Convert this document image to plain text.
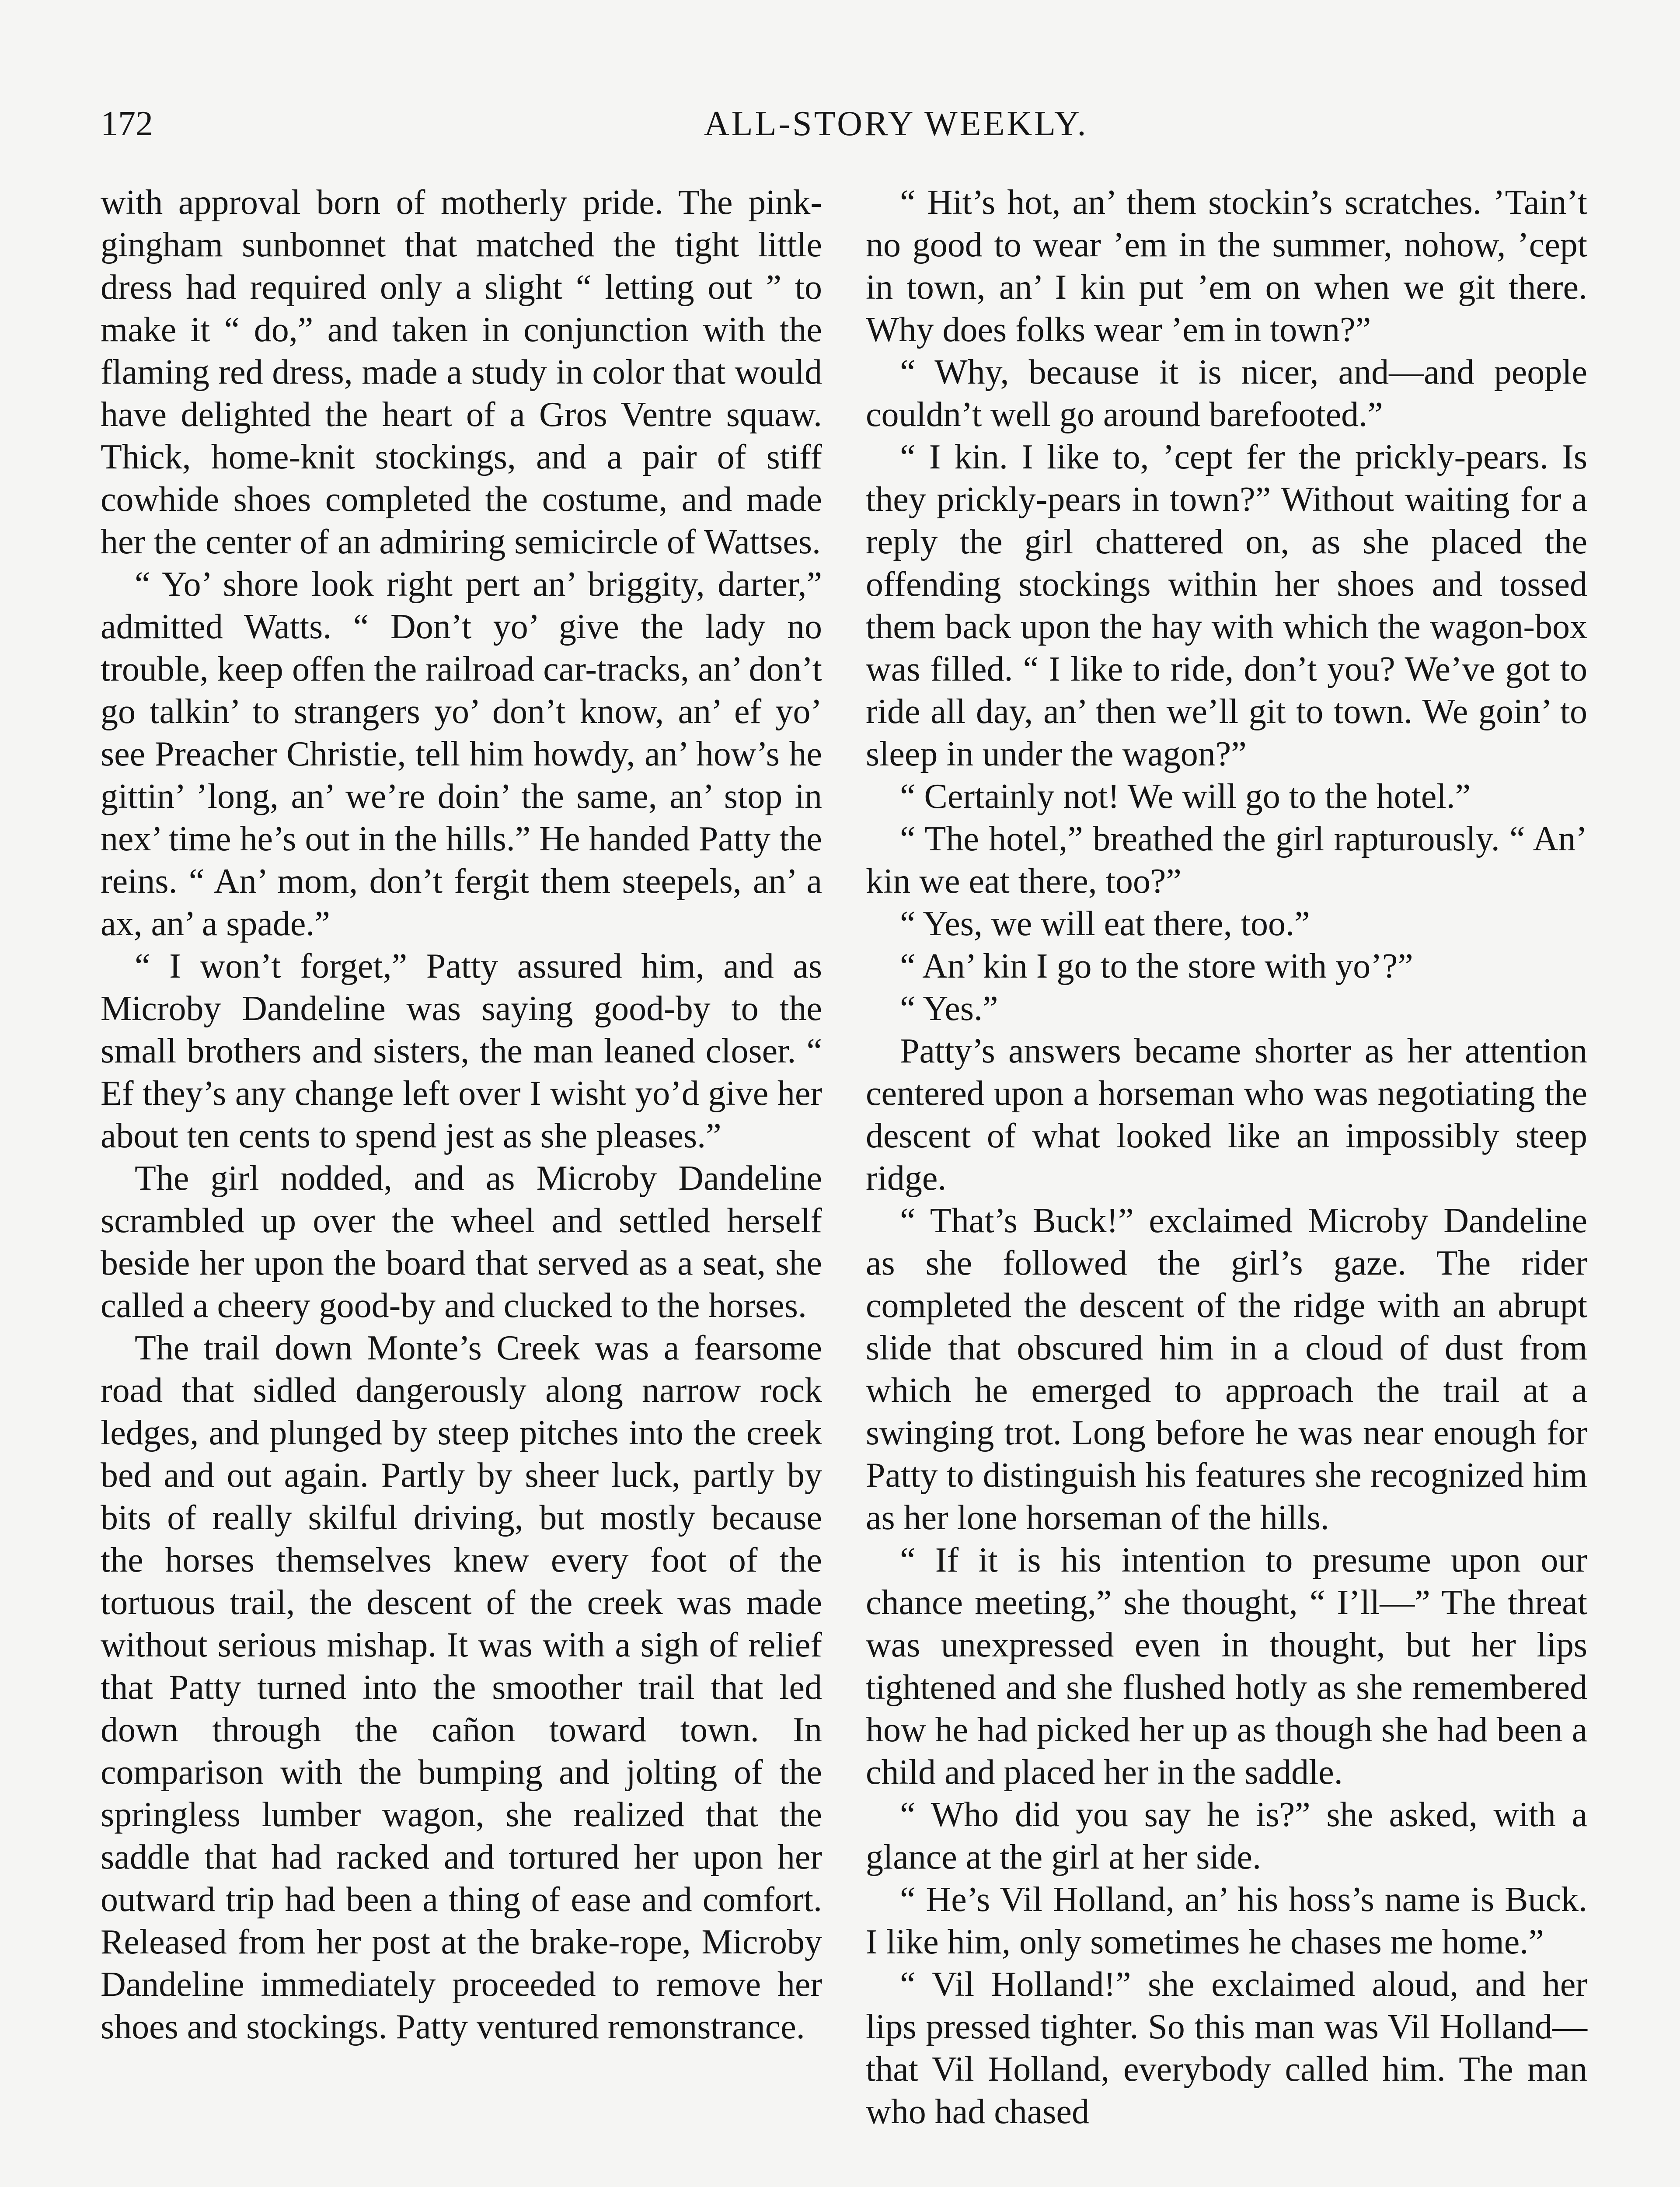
172	ALL-STORY WEEKLY.

with approval born of motherly pride. The pink-gingham sunbonnet that matched the tight little dress had required only a slight “ letting out ” to make it “ do,” and taken in conjunction with the flaming red dress, made a study in color that would have delighted the heart of a Gros Ventre squaw. Thick, home-knit stockings, and a pair of stiff cowhide shoes completed the costume, and made her the center of an admiring semicircle of Wattses.

“ Yo’ shore look right pert an’ briggity, darter,” admitted Watts. “ Don’t yo’ give the lady no trouble, keep offen the railroad car-tracks, an’ don’t go talkin’ to strangers yo’ don’t know, an’ ef yo’ see Preacher Christie, tell him howdy, an’ how’s he gittin’ ’long, an’ we’re doin’ the same, an’ stop in nex’ time he’s out in the hills.” He handed Patty the reins. “ An’ mom, don’t fergit them steepels, an’ a ax, an’ a spade.”

“ I won’t forget,” Patty assured him, and as Microby Dandeline was saying good-by to the small brothers and sisters, the man leaned closer. “ Ef they’s any change left over I wisht yo’d give her about ten cents to spend jest as she pleases.”

The girl nodded, and as Microby Dandeline scrambled up over the wheel and settled herself beside her upon the board that served as a seat, she called a cheery good-by and clucked to the horses.

The trail down Monte’s Creek was a fearsome road that sidled dangerously along narrow rock ledges, and plunged by steep pitches into the creek bed and out again. Partly by sheer luck, partly by bits of really skilful driving, but mostly because the horses themselves knew every foot of the tortuous trail, the descent of the creek was made without serious mishap. It was with a sigh of relief that Patty turned into the smoother trail that led down through the cañon toward town. In comparison with the bumping and jolting of the springless lumber wagon, she realized that the saddle that had racked and tortured her upon her outward trip had been a thing of ease and comfort. Released from her post at the brake-rope, Microby Dandeline immediately proceeded to remove her shoes and stockings. Patty ventured remonstrance.

“ Hit’s hot, an’ them stockin’s scratches. ’Tain’t no good to wear ’em in the summer, nohow, ’cept in town, an’ I kin put ’em on when we git there. Why does folks wear ’em in town?”

“ Why, because it is nicer, and—and people couldn’t well go around barefooted.”

“ I kin. I like to, ’cept fer the prickly-pears. Is they prickly-pears in town?” Without waiting for a reply the girl chattered on, as she placed the offending stockings within her shoes and tossed them back upon the hay with which the wagon-box was filled. “ I like to ride, don’t you? We’ve got to ride all day, an’ then we’ll git to town. We goin’ to sleep in under the wagon?”

“ Certainly not! We will go to the hotel.”

“ The hotel,” breathed the girl rapturously. “ An’ kin we eat there, too?”

“ Yes, we will eat there, too.”

“ An’ kin I go to the store with yo’?”

“ Yes.”

Patty’s answers became shorter as her attention centered upon a horseman who was negotiating the descent of what looked like an impossibly steep ridge.

“ That’s Buck!” exclaimed Microby Dandeline as she followed the girl’s gaze. The rider completed the descent of the ridge with an abrupt slide that obscured him in a cloud of dust from which he emerged to approach the trail at a swinging trot. Long before he was near enough for Patty to distinguish his features she recognized him as her lone horseman of the hills.

“ If it is his intention to presume upon our chance meeting,” she thought, “ I’ll—” The threat was unexpressed even in thought, but her lips tightened and she flushed hotly as she remembered how he had picked her up as though she had been a child and placed her in the saddle.

“ Who did you say he is?” she asked, with a glance at the girl at her side.

“ He’s Vil Holland, an’ his hoss’s name is Buck. I like him, only sometimes he chases me home.”

“ Vil Holland!” she exclaimed aloud, and her lips pressed tighter. So this man was Vil Holland—that Vil Holland, everybody called him. The man who had chased
